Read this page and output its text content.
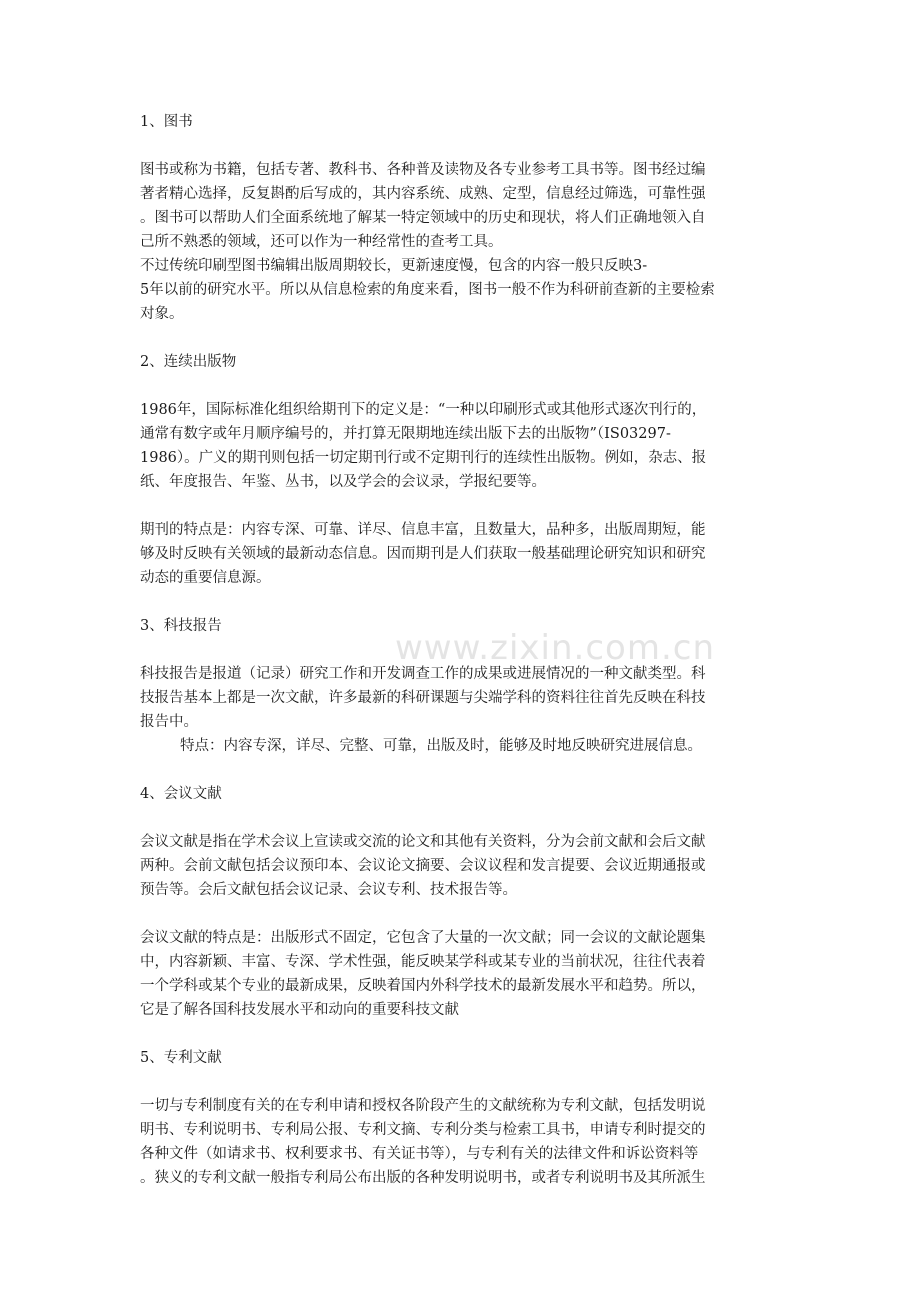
www.zixin.com.cn
1、图书
图书或称为书籍，包括专著、教科书、各种普及读物及各专业参考工具书等。图书经过编
著者精心选择，反复斟酌后写成的，其内容系统、成熟、定型，信息经过筛选，可靠性强
。图书可以帮助人们全面系统地了解某一特定领域中的历史和现状，将人们正确地领入自
己所不熟悉的领域，还可以作为一种经常性的查考工具。
不过传统印刷型图书编辑出版周期较长，更新速度慢，包含的内容一般只反映3-
5年以前的研究水平。所以从信息检索的角度来看，图书一般不作为科研前查新的主要检索
对象。
2、连续出版物
1986年，国际标准化组织给期刊下的定义是：“一种以印刷形式或其他形式逐次刊行的，
通常有数字或年月顺序编号的，并打算无限期地连续出版下去的出版物”（IS03297-
1986）。广义的期刊则包括一切定期刊行或不定期刊行的连续性出版物。例如，杂志、报
纸、年度报告、年鉴、丛书，以及学会的会议录，学报纪要等。
期刊的特点是：内容专深、可靠、详尽、信息丰富，且数量大，品种多，出版周期短，能
够及时反映有关领域的最新动态信息。因而期刊是人们获取一般基础理论研究知识和研究
动态的重要信息源。
3、科技报告
科技报告是报道（记录）研究工作和开发调查工作的成果或进展情况的一种文献类型。科
技报告基本上都是一次文献，许多最新的科研课题与尖端学科的资料往往首先反映在科技
报告中。
特点：内容专深，详尽、完整、可靠，出版及时，能够及时地反映研究进展信息。
4、会议文献
会议文献是指在学术会议上宣读或交流的论文和其他有关资料，分为会前文献和会后文献
两种。会前文献包括会议预印本、会议论文摘要、会议议程和发言提要、会议近期通报或
预告等。会后文献包括会议记录、会议专利、技术报告等。
会议文献的特点是：出版形式不固定，它包含了大量的一次文献；同一会议的文献论题集
中，内容新颖、丰富、专深、学术性强，能反映某学科或某专业的当前状况，往往代表着
一个学科或某个专业的最新成果，反映着国内外科学技术的最新发展水平和趋势。所以，
它是了解各国科技发展水平和动向的重要科技文献
5、专利文献
一切与专利制度有关的在专利申请和授权各阶段产生的文献统称为专利文献，包括发明说
明书、专利说明书、专利局公报、专利文摘、专利分类与检索工具书，申请专利时提交的
各种文件（如请求书、权利要求书、有关证书等），与专利有关的法律文件和诉讼资料等
。狭义的专利文献一般指专利局公布出版的各种发明说明书，或者专利说明书及其所派生
